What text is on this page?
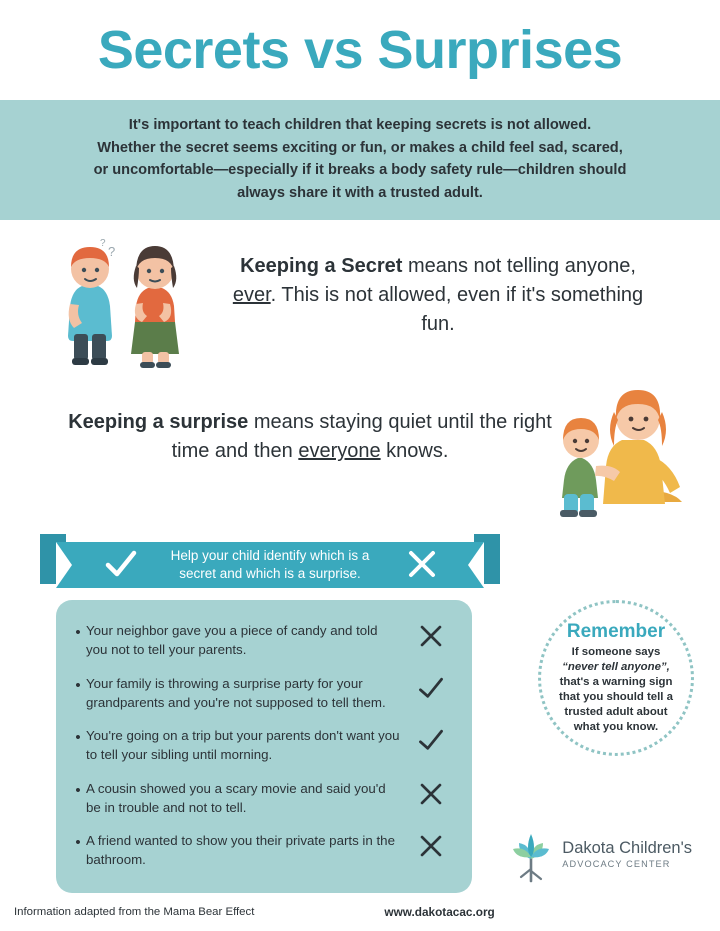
Secrets vs Surprises
It's important to teach children that keeping secrets is not allowed.
Whether the secret seems exciting or fun, or makes a child feel sad, scared,
or uncomfortable—especially if it breaks a body safety rule—children should
always share it with a trusted adult.
?
?
Keeping a Secret means not telling anyone, ever. This is not allowed, even if it's something fun.
Keeping a surprise means staying quiet until the right time and then everyone knows.
Help your child identify which is a
secret and which is a surprise.
• Your neighbor gave you a piece of candy and told you not to tell your parents.
• Your family is throwing a surprise party for your grandparents and you're not supposed to tell them.
• You're going on a trip but your parents don't want you to tell your sibling until morning.
• A cousin showed you a scary movie and said you'd be in trouble and not to tell.
• A friend wanted to show you their private parts in the bathroom.
Remember
If someone says
“never tell anyone”,
that's a warning sign
that you should tell a
trusted adult about
what you know.
Dakota Children's
ADVOCACY CENTER
Information adapted from the Mama Bear Effect	www.dakotacac.org
